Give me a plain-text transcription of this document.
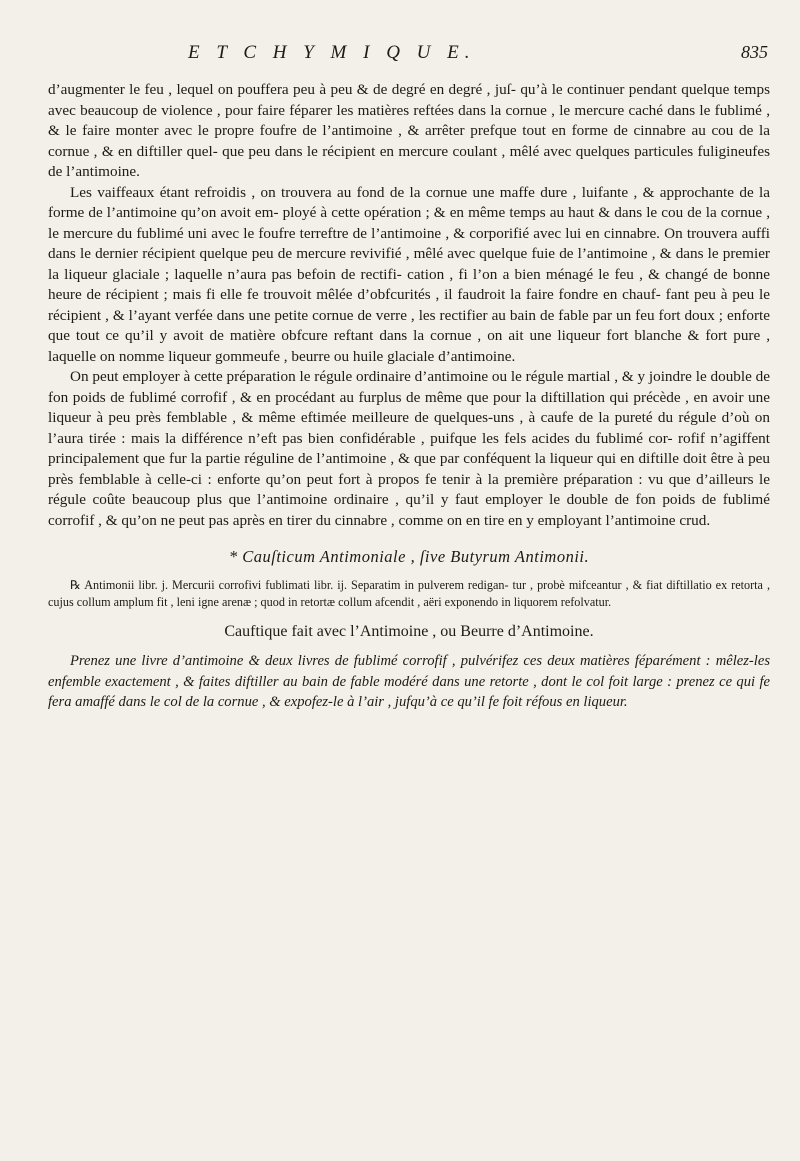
E T C H Y M I Q U E.	835

d’augmenter le feu , lequel on pouffera peu à peu & de degré en degré , juſ- qu’à le continuer pendant quelque temps avec beaucoup de violence , pour faire féparer les matières reftées dans la cornue , le mercure caché dans le fublimé , & le faire monter avec le propre foufre de l’antimoine , & arrêter prefque tout en forme de cinnabre au cou de la cornue , & en diftiller quel- que peu dans le récipient en mercure coulant , mêlé avec quelques particules fuligineufes de l’antimoine.

Les vaiffeaux étant refroidis , on trouvera au fond de la cornue une maffe dure , luifante , & approchante de la forme de l’antimoine qu’on avoit em- ployé à cette opération ; & en même temps au haut & dans le cou de la cornue , le mercure du fublimé uni avec le foufre terreftre de l’antimoine , & corporifié avec lui en cinnabre. On trouvera auffi dans le dernier récipient quelque peu de mercure revivifié , mêlé avec quelque fuie de l’antimoine , & dans le premier la liqueur glaciale ; laquelle n’aura pas befoin de rectifi- cation , fi l’on a bien ménagé le feu , & changé de bonne heure de récipient ; mais fi elle fe trouvoit mêlée d’obfcurités , il faudroit la faire fondre en chauf- fant peu à peu le récipient , & l’ayant verfée dans une petite cornue de verre , les rectifier au bain de fable par un feu fort doux ; enforte que tout ce qu’il y avoit de matière obfcure reftant dans la cornue , on ait une liqueur fort blanche & fort pure , laquelle on nomme liqueur gommeufe , beurre ou huile glaciale d’antimoine.

On peut employer à cette préparation le régule ordinaire d’antimoine ou le régule martial , & y joindre le double de fon poids de fublimé corrofif , & en procédant au furplus de même que pour la diftillation qui précède , en avoir une liqueur à peu près femblable , & même eftimée meilleure de quelques-uns , à caufe de la pureté du régule d’où on l’aura tirée : mais la différence n’eft pas bien confidérable , puifque les fels acides du fublimé cor- rofif n’agiffent principalement que fur la partie réguline de l’antimoine , & que par conféquent la liqueur qui en diftille doit être à peu près femblable à celle-ci : enforte qu’on peut fort à propos fe tenir à la première préparation : vu que d’ailleurs le régule coûte beaucoup plus que l’antimoine ordinaire , qu’il y faut employer le double de fon poids de fublimé corrofif , & qu’on ne peut pas après en tirer du cinnabre , comme on en tire en y employant l’antimoine crud.

* Cauſticum Antimoniale , ſive Butyrum Antimonii.

℞ Antimonii libr. j. Mercurii corrofivi fublimati libr. ij. Separatim in pulverem redigan- tur , probè mifceantur , & fiat diftillatio ex retorta , cujus collum amplum fit , leni igne arenæ ; quod in retortæ collum afcendit , aëri exponendo in liquorem refolvatur.

Cauftique fait avec l’Antimoine , ou Beurre d’Antimoine.

Prenez une livre d’antimoine & deux livres de fublimé corrofif , pulvérifez ces deux matières féparément : mêlez-les enfemble exactement , & faites diftiller au bain de fable modéré dans une retorte , dont le col foit large : prenez ce qui fe fera amaffé dans le col de la cornue , & expofez-le à l’air , jufqu’à ce qu’il fe foit réfous en liqueur.
